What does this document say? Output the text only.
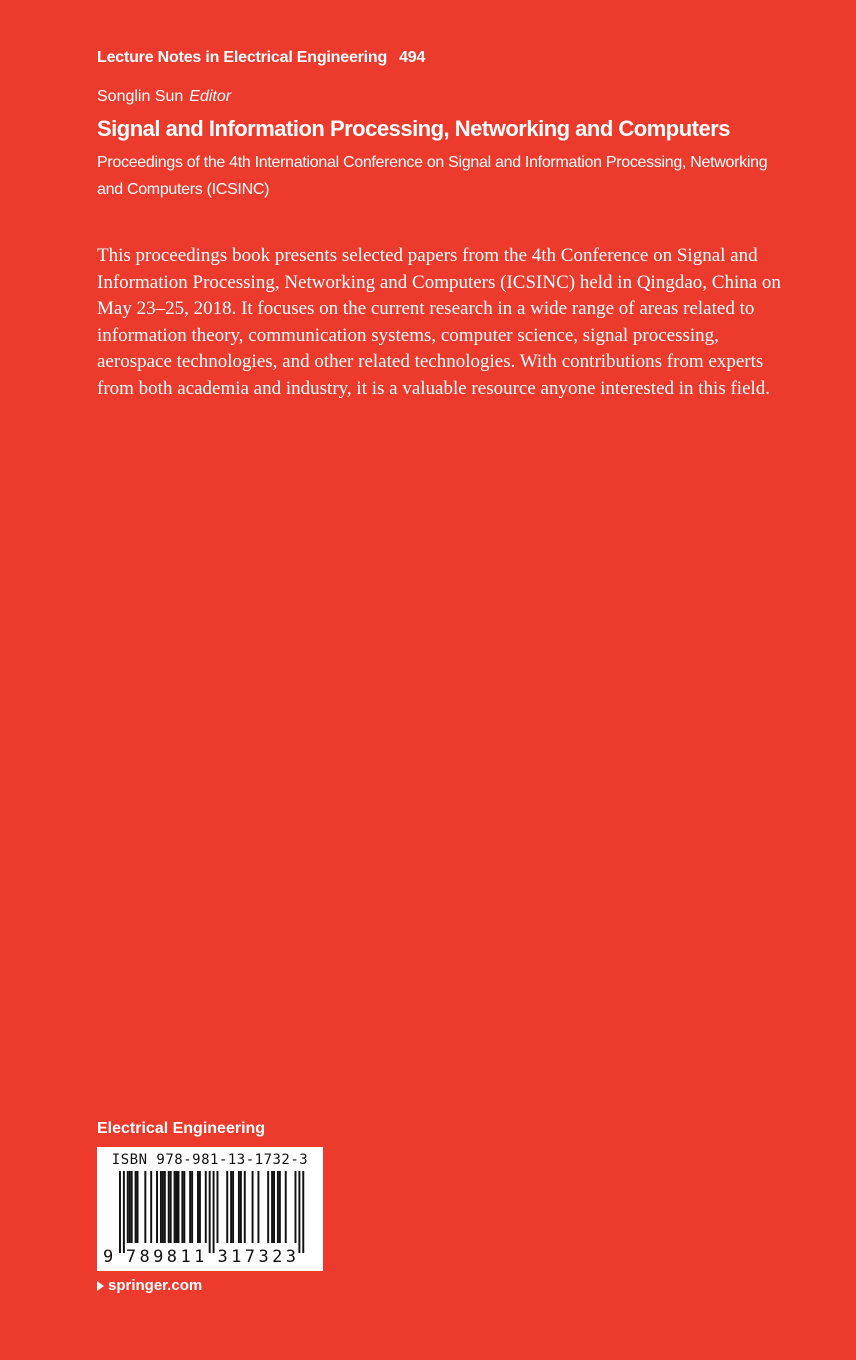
Lecture Notes in Electrical Engineering 494
Songlin Sun Editor
Signal and Information Processing, Networking and Computers
Proceedings of the 4th International Conference on Signal and Information Processing, Networking and Computers (ICSINC)
This proceedings book presents selected papers from the 4th Conference on Signal and Information Processing, Networking and Computers (ICSINC) held in Qingdao, China on May 23–25, 2018. It focuses on the current research in a wide range of areas related to information theory, communication systems, computer science, signal processing, aerospace technologies, and other related technologies. With contributions from experts from both academia and industry, it is a valuable resource anyone interested in this field.
Electrical Engineering
ISBN 978-981-13-1732-3
9 7 8 9 8 1 1 3 1 7 3 2 3
springer.com
